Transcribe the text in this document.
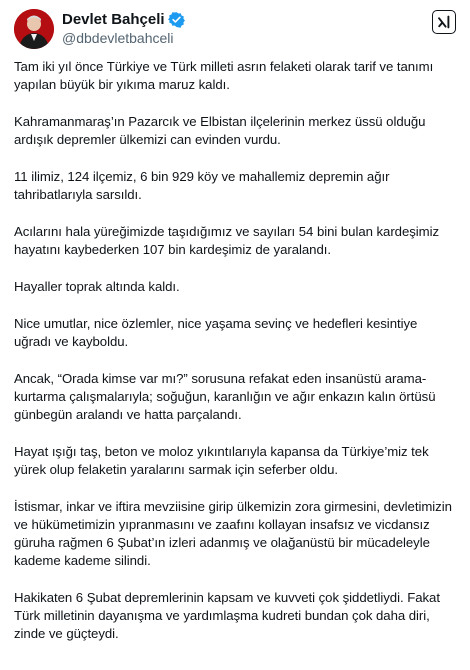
Devlet Bahçeli
@dbdevletbahceli

Tam iki yıl önce Türkiye ve Türk milleti asrın felaketi olarak tarif ve tanımı yapılan büyük bir yıkıma maruz kaldı.

Kahramanmaraş’ın Pazarcık ve Elbistan ilçelerinin merkez üssü olduğu ardışık depremler ülkemizi can evinden vurdu.

11 ilimiz, 124 ilçemiz, 6 bin 929 köy ve mahallemiz depremin ağır tahribatlarıyla sarsıldı.

Acılarını hala yüreğimizde taşıdığımız ve sayıları 54 bini bulan kardeşimiz hayatını kaybederken 107 bin kardeşimiz de yaralandı.

Hayaller toprak altında kaldı.

Nice umutlar, nice özlemler, nice yaşama sevinç ve hedefleri kesintiye uğradı ve kayboldu.

Ancak, “Orada kimse var mı?” sorusuna refakat eden insanüstü arama-kurtarma çalışmalarıyla; soğuğun, karanlığın ve ağır enkazın kalın örtüsü günbegün aralandı ve hatta parçalandı.

Hayat ışığı taş, beton ve moloz yıkıntılarıyla kapansa da Türkiye’miz tek yürek olup felaketin yaralarını sarmak için seferber oldu.

İstismar, inkar ve iftira mevziisine girip ülkemizin zora girmesini, devletimizin ve hükümetimizin yıpranmasını ve zaafını kollayan insafsız ve vicdansız güruha rağmen 6 Şubat’ın izleri adanmış ve olağanüstü bir mücadeleyle kademe kademe silindi.

Hakikaten 6 Şubat depremlerinin kapsam ve kuvveti çok şiddetliydi. Fakat Türk milletinin dayanışma ve yardımlaşma kudreti bundan çok daha diri, zinde ve güçteydi.
